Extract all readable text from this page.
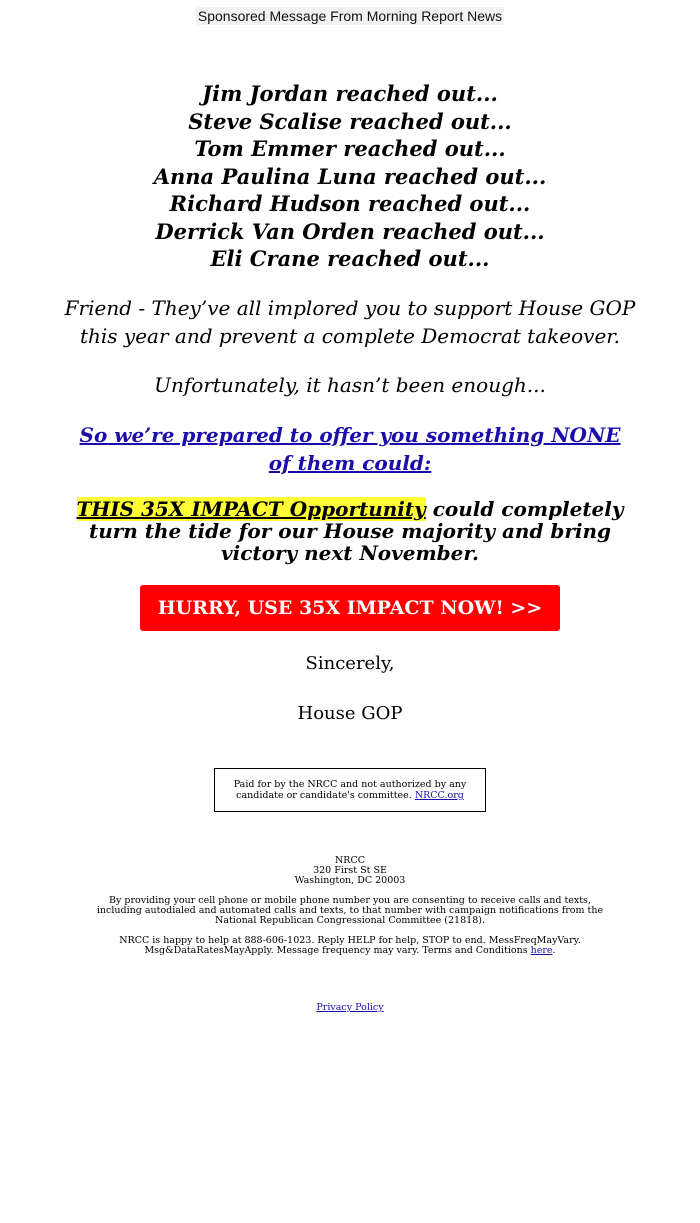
Sponsored Message From Morning Report News
Jim Jordan reached out...
Steve Scalise reached out...
Tom Emmer reached out...
Anna Paulina Luna reached out...
Richard Hudson reached out...
Derrick Van Orden reached out...
Eli Crane reached out...
Friend - They’ve all implored you to support House GOP this year and prevent a complete Democrat takeover.
Unfortunately, it hasn’t been enough...
So we’re prepared to offer you something NONE of them could:
THIS 35X IMPACT Opportunity could completely turn the tide for our House majority and bring victory next November.
HURRY, USE 35X IMPACT NOW! >>
Sincerely,
House GOP
Paid for by the NRCC and not authorized by any candidate or candidate's committee. NRCC.org

NRCC

320 First St SE

Washington, DC 20003

By providing your cell phone or mobile phone number you are consenting to receive calls and texts, including autodialed and automated calls and texts, to that number with campaign notifications from the National Republican Congressional Committee (21818).
NRCC is happy to help at 888-606-1023. Reply HELP for help, STOP to end. MessFreqMayVary. Msg&DataRatesMayApply. Message frequency may vary. Terms and Conditions here.
Privacy Policy
